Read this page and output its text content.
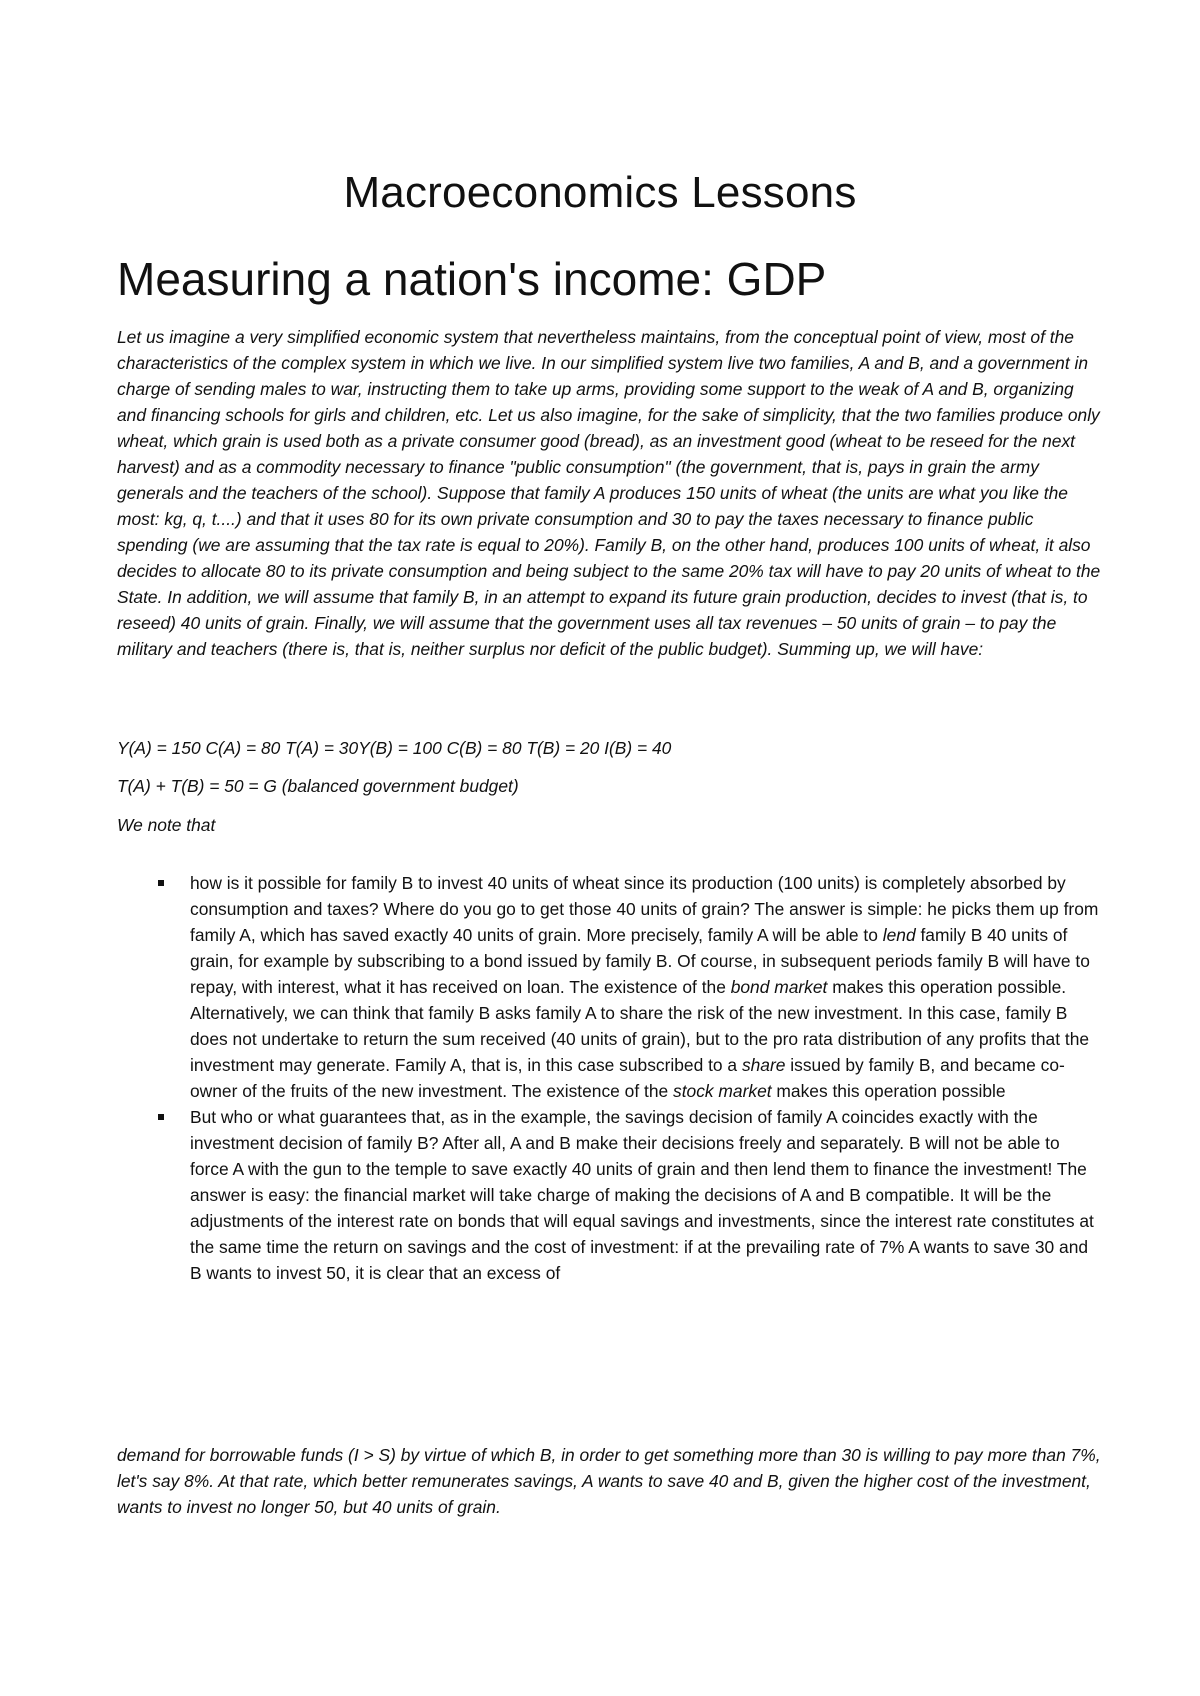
Macroeconomics Lessons
Measuring a nation's income: GDP
Let us imagine a very simplified economic system that nevertheless maintains, from the conceptual point of view, most of the characteristics of the complex system in which we live. In our simplified system live two families, A and B, and a government in charge of sending males to war, instructing them to take up arms, providing some support to the weak of A and B, organizing and financing schools for girls and children, etc. Let us also imagine, for the sake of simplicity, that the two families produce only wheat, which grain is used both as a private consumer good (bread), as an investment good (wheat to be reseed for the next harvest) and as a commodity necessary to finance "public consumption" (the government, that is, pays in grain the army generals and the teachers of the school). Suppose that family A produces 150 units of wheat (the units are what you like the most: kg, q, t....) and that it uses 80 for its own private consumption and 30 to pay the taxes necessary to finance public spending (we are assuming that the tax rate is equal to 20%). Family B, on the other hand, produces 100 units of wheat, it also decides to allocate 80 to its private consumption and being subject to the same 20% tax will have to pay 20 units of wheat to the State. In addition, we will assume that family B, in an attempt to expand its future grain production, decides to invest (that is, to reseed) 40 units of grain. Finally, we will assume that the government uses all tax revenues – 50 units of grain – to pay the military and teachers (there is, that is, neither surplus nor deficit of the public budget). Summing up, we will have:
Y(A) = 150 C(A) = 80 T(A) = 30Y(B) = 100 C(B) = 80 T(B) = 20 I(B) = 40
T(A) + T(B) = 50 = G (balanced government budget)
We note that
how is it possible for family B to invest 40 units of wheat since its production (100 units) is completely absorbed by consumption and taxes? Where do you go to get those 40 units of grain? The answer is simple: he picks them up from family A, which has saved exactly 40 units of grain. More precisely, family A will be able to lend family B 40 units of grain, for example by subscribing to a bond issued by family B. Of course, in subsequent periods family B will have to repay, with interest, what it has received on loan. The existence of the bond market makes this operation possible. Alternatively, we can think that family B asks family A to share the risk of the new investment. In this case, family B does not undertake to return the sum received (40 units of grain), but to the pro rata distribution of any profits that the investment may generate. Family A, that is, in this case subscribed to a share issued by family B, and became co-owner of the fruits of the new investment. The existence of the stock market makes this operation possible
But who or what guarantees that, as in the example, the savings decision of family A coincides exactly with the investment decision of family B? After all, A and B make their decisions freely and separately. B will not be able to force A with the gun to the temple to save exactly 40 units of grain and then lend them to finance the investment! The answer is easy: the financial market will take charge of making the decisions of A and B compatible. It will be the adjustments of the interest rate on bonds that will equal savings and investments, since the interest rate constitutes at the same time the return on savings and the cost of investment: if at the prevailing rate of 7% A wants to save 30 and B wants to invest 50, it is clear that an excess of
demand for borrowable funds (I > S) by virtue of which B, in order to get something more than 30 is willing to pay more than 7%, let's say 8%. At that rate, which better remunerates savings, A wants to save 40 and B, given the higher cost of the investment, wants to invest no longer 50, but 40 units of grain.
